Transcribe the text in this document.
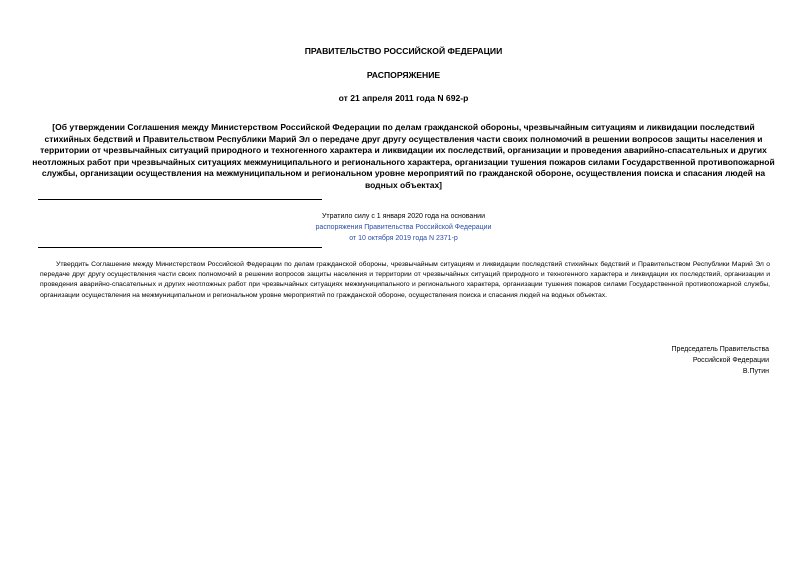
ПРАВИТЕЛЬСТВО РОССИЙСКОЙ ФЕДЕРАЦИИ
РАСПОРЯЖЕНИЕ
от 21 апреля 2011 года N 692-р
[Об утверждении Соглашения между Министерством Российской Федерации по делам гражданской обороны, чрезвычайным ситуациям и ликвидации последствий стихийных бедствий и Правительством Республики Марий Эл о передаче друг другу осуществления части своих полномочий в решении вопросов защиты населения и территории от чрезвычайных ситуаций природного и техногенного характера и ликвидации их последствий, организации и проведения аварийно-спасательных и других неотложных работ при чрезвычайных ситуациях межмуниципального и регионального характера, организации тушения пожаров силами Государственной противопожарной службы, организации осуществления на межмуниципальном и региональном уровне мероприятий по гражданской обороне, осуществления поиска и спасания людей на водных объектах]
Утратило силу с 1 января 2020 года на основании
распоряжения Правительства Российской Федерации
от 10 октября 2019 года N 2371-р
Утвердить Соглашение между Министерством Российской Федерации по делам гражданской обороны, чрезвычайным ситуациям и ликвидации последствий стихийных бедствий и Правительством Республики Марий Эл о передаче друг другу осуществления части своих полномочий в решении вопросов защиты населения и территории от чрезвычайных ситуаций природного и техногенного характера и ликвидации их последствий, организации и проведения аварийно-спасательных и других неотложных работ при чрезвычайных ситуациях межмуниципального и регионального характера, организации тушения пожаров силами Государственной противопожарной службы, организации осуществления на межмуниципальном и региональном уровне мероприятий по гражданской обороне, осуществления поиска и спасания людей на водных объектах.
Председатель Правительства
Российской Федерации
В.Путин
